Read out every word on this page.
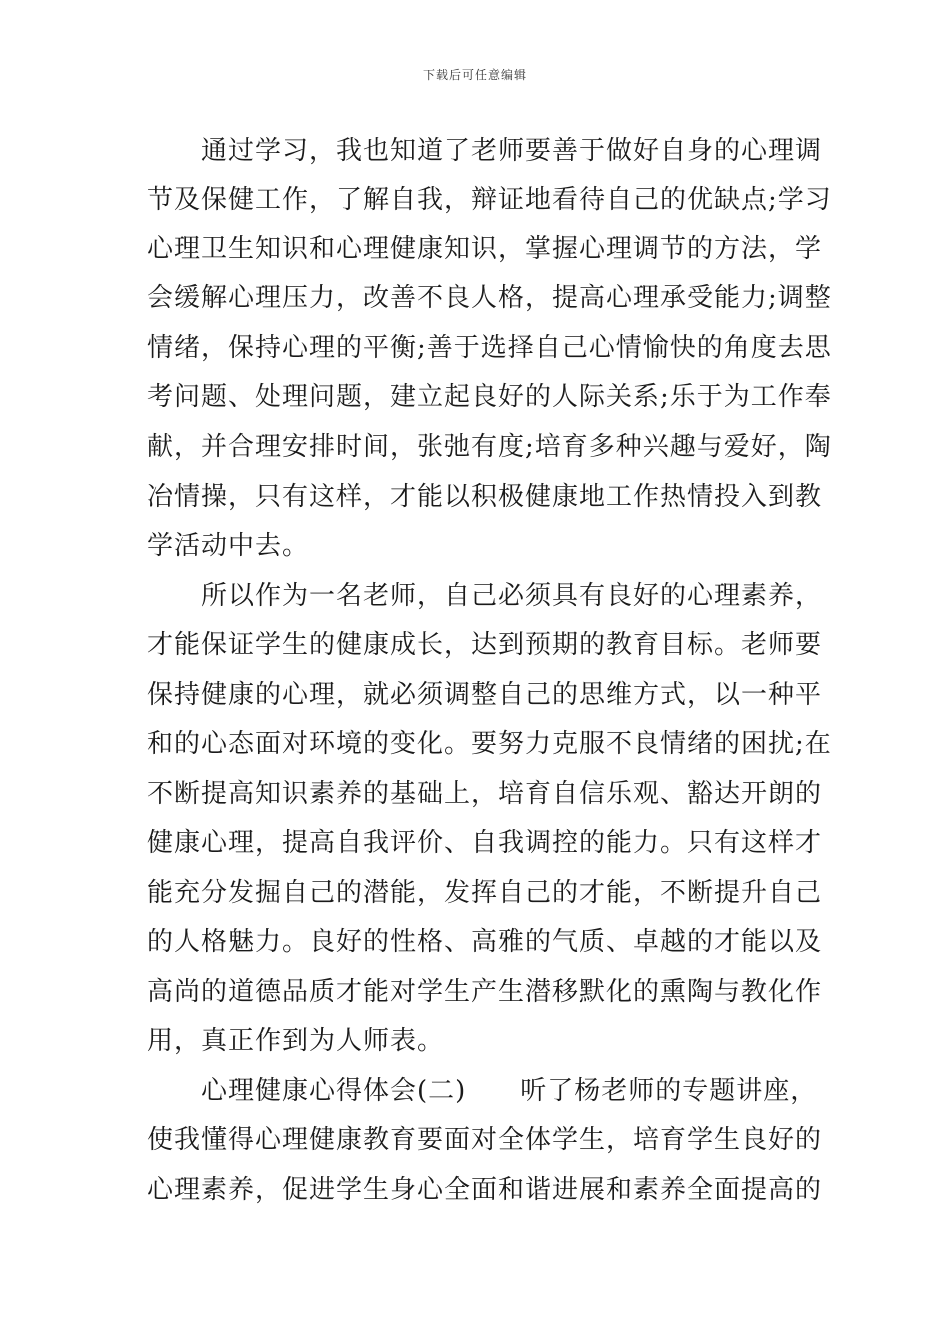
下载后可任意编辑
　　通过学习，我也知道了老师要善于做好自身的心理调
节及保健工作，了解自我，辩证地看待自己的优缺点;学习
心理卫生知识和心理健康知识，掌握心理调节的方法，学
会缓解心理压力，改善不良人格，提高心理承受能力;调整
情绪，保持心理的平衡;善于选择自己心情愉快的角度去思
考问题、处理问题，建立起良好的人际关系;乐于为工作奉
献，并合理安排时间，张弛有度;培育多种兴趣与爱好，陶
冶情操，只有这样，才能以积极健康地工作热情投入到教
学活动中去。
　　所以作为一名老师，自己必须具有良好的心理素养，
才能保证学生的健康成长，达到预期的教育目标。老师要
保持健康的心理，就必须调整自己的思维方式，以一种平
和的心态面对环境的变化。要努力克服不良情绪的困扰;在
不断提高知识素养的基础上，培育自信乐观、豁达开朗的
健康心理，提高自我评价、自我调控的能力。只有这样才
能充分发掘自己的潜能，发挥自己的才能，不断提升自己
的人格魅力。良好的性格、高雅的气质、卓越的才能以及
高尚的道德品质才能对学生产生潜移默化的熏陶与教化作
用，真正作到为人师表。
　　心理健康心得体会(二)　　听了杨老师的专题讲座，
使我懂得心理健康教育要面对全体学生，培育学生良好的
心理素养，促进学生身心全面和谐进展和素养全面提高的
